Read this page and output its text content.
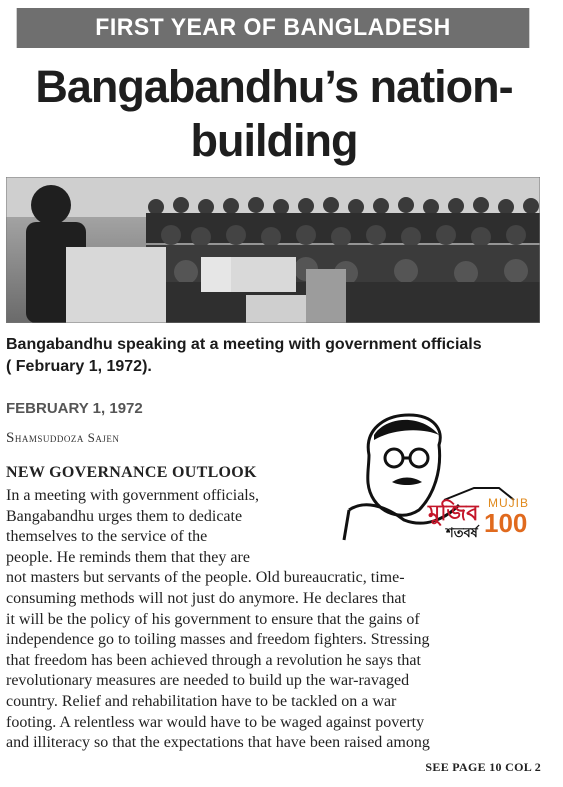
FIRST YEAR OF BANGLADESH
Bangabandhu’s nation-building
Bangabandhu speaking at a meeting with government officials
( February 1, 1972).
FEBRUARY 1, 1972
Shamsuddoza Sajen
মুজিব
শতবর্ষ
MUJIB
100
NEW GOVERNANCE OUTLOOK
In a meeting with government officials,
Bangabandhu urges them to dedicate
themselves to the service of the
people. He reminds them that they are
not masters but servants of the people. Old bureaucratic, time-
consuming methods will not just do anymore. He declares that
it will be the policy of his government to ensure that the gains of
independence go to toiling masses and freedom fighters. Stressing
that freedom has been achieved through a revolution he says that
revolutionary measures are needed to build up the war-ravaged
country. Relief and rehabilitation have to be tackled on a war
footing. A relentless war would have to be waged against poverty
and illiteracy so that the expectations that have been raised among
SEE PAGE 10 COL 2
